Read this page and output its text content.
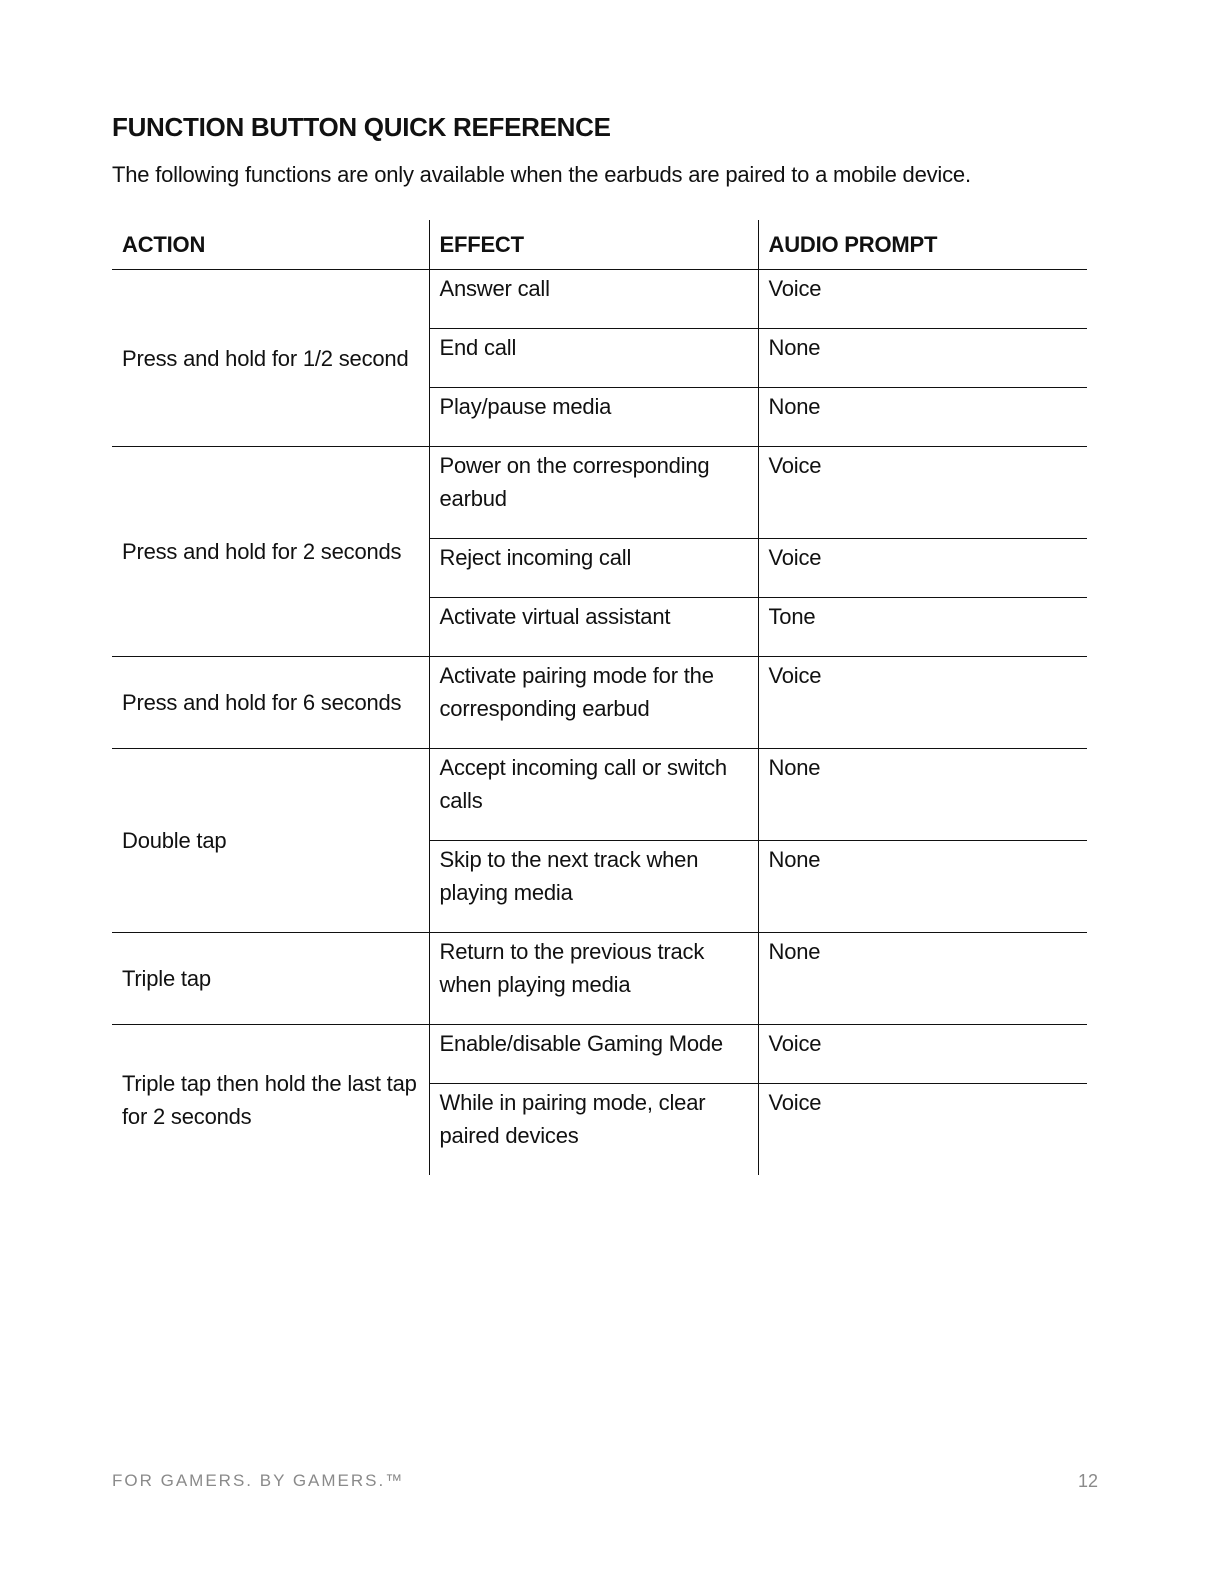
FUNCTION BUTTON QUICK REFERENCE

The following functions are only available when the earbuds are paired to a mobile device.

ACTION	EFFECT	AUDIO PROMPT
Press and hold for 1/2 second	Answer call	Voice
	End call	None
	Play/pause media	None
Press and hold for 2 seconds	Power on the corresponding earbud	Voice
	Reject incoming call	Voice
	Activate virtual assistant	Tone
Press and hold for 6 seconds	Activate pairing mode for the corresponding earbud	Voice
Double tap	Accept incoming call or switch calls	None
	Skip to the next track when playing media	None
Triple tap	Return to the previous track when playing media	None
Triple tap then hold the last tap for 2 seconds	Enable/disable Gaming Mode	Voice
	While in pairing mode, clear paired devices	Voice
FOR GAMERS. BY GAMERS.™	12
